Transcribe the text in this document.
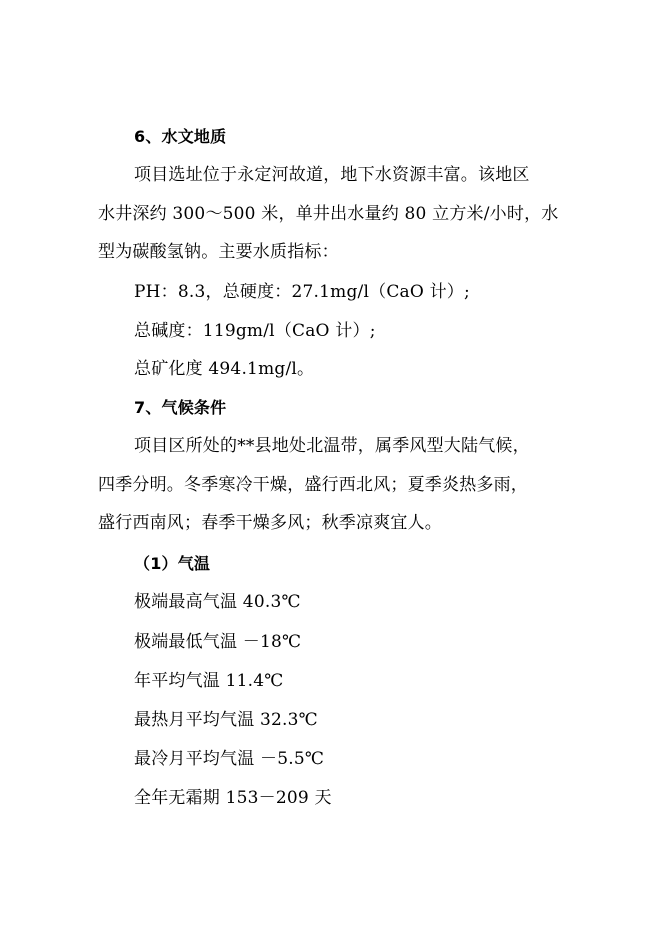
6、水文地质
项目选址位于永定河故道，地下水资源丰富。该地区
水井深约 300～500 米，单井出水量约 80 立方米/小时，水
型为碳酸氢钠。主要水质指标：
PH：8.3，总硬度：27.1mg/l（CaO 计）;
总碱度：119gm/l（CaO 计）;
总矿化度 494.1mg/l。
7、气候条件
项目区所处的**县地处北温带，属季风型大陆气候，
四季分明。冬季寒冷干燥，盛行西北风；夏季炎热多雨，
盛行西南风；春季干燥多风；秋季凉爽宜人。
（1）气温
极端最高气温 40.3℃
极端最低气温 －18℃
年平均气温 11.4℃
最热月平均气温 32.3℃
最冷月平均气温 －5.5℃
全年无霜期 153－209 天
